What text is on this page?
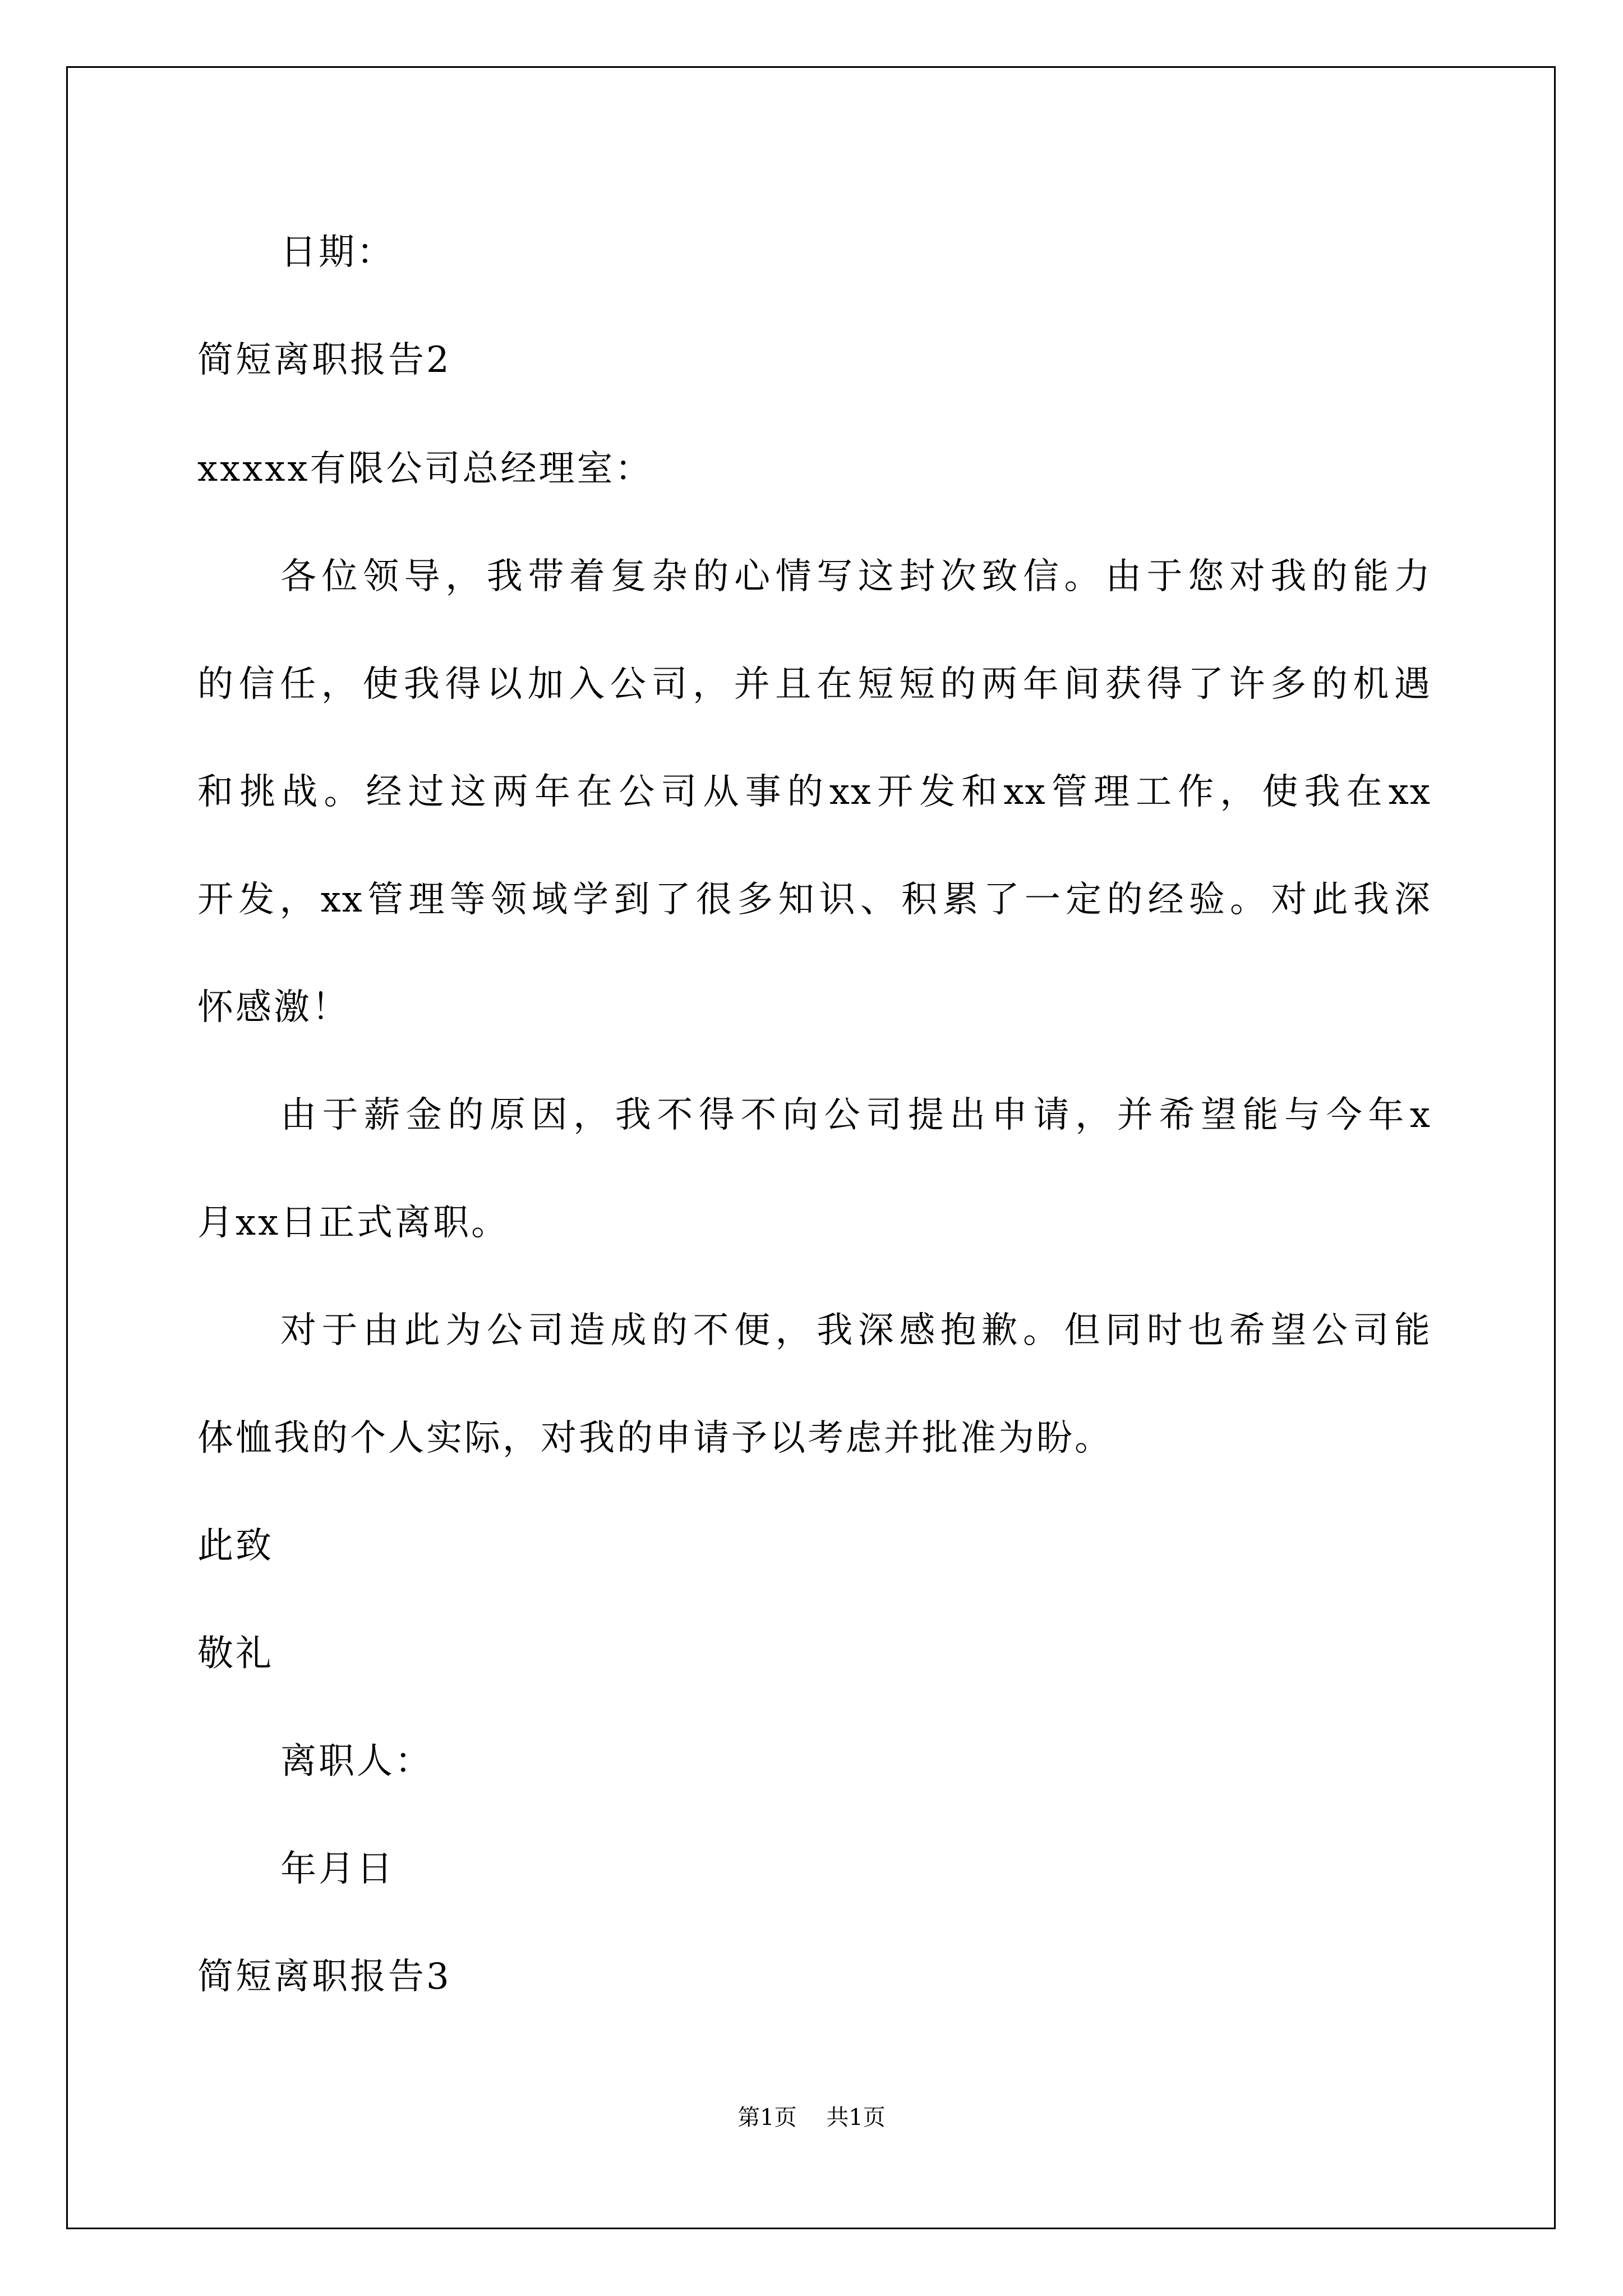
日期：
简短离职报告2
xxxxx有限公司总经理室：
各位领导，我带着复杂的心情写这封次致信。由于您对我的能力
的信任，使我得以加入公司，并且在短短的两年间获得了许多的机遇
和挑战。经过这两年在公司从事的xx开发和xx管理工作，使我在xx
开发，xx管理等领域学到了很多知识、积累了一定的经验。对此我深
怀感激！
由于薪金的原因，我不得不向公司提出申请，并希望能与今年x
月xx日正式离职。
对于由此为公司造成的不便，我深感抱歉。但同时也希望公司能
体恤我的个人实际，对我的申请予以考虑并批准为盼。
此致
敬礼
离职人：
年月日
简短离职报告3
第1页 共1页
